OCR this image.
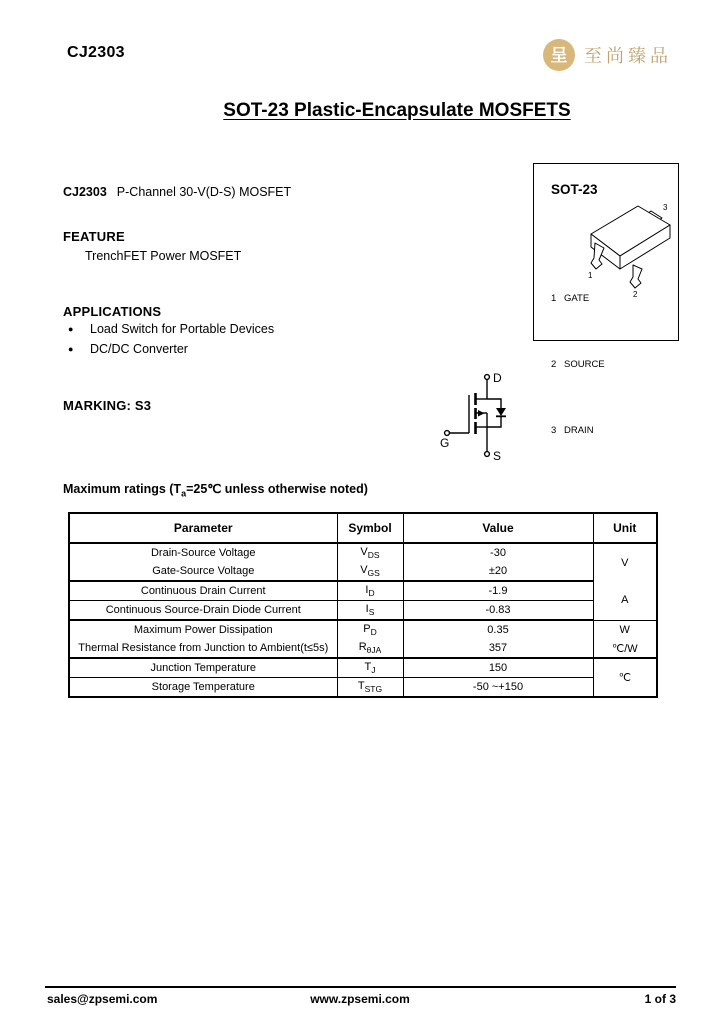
CJ2303	呈 至尚臻品
SOT-23 Plastic-Encapsulate MOSFETS
CJ2303 P-Channel 30-V(D-S) MOSFET
FEATURE
TrenchFET Power MOSFET
APPLICATIONS
● Load Switch for Portable Devices
● DC/DC Converter
SOT-23
3
1
2

1 GATE

2 SOURCE

3 DRAIN

MARKING: S3
D
G
S
Maximum ratings ($T_a=25℃$ unless otherwise noted)
Parameter	Symbol	Value	Unit
Drain-Source Voltage	$V_{DS}$	-30	V
Gate-Source Voltage	$V_{GS}$	±20	
Continuous Drain Current	$I_D$	-1.9	A
Continuous Source-Drain Diode Current	$I_S$	-0.83	
Maximum Power Dissipation	$P_D$	0.35	W
Thermal Resistance from Junction to Ambient(t≤5s)	$R_{\theta JA}$	357	℃/W
Junction Temperature	$T_J$	150	℃
Storage Temperature	$T_{STG}$	-50 ~+150	
sales@zpsemi.com	www.zpsemi.com	1 of 3
